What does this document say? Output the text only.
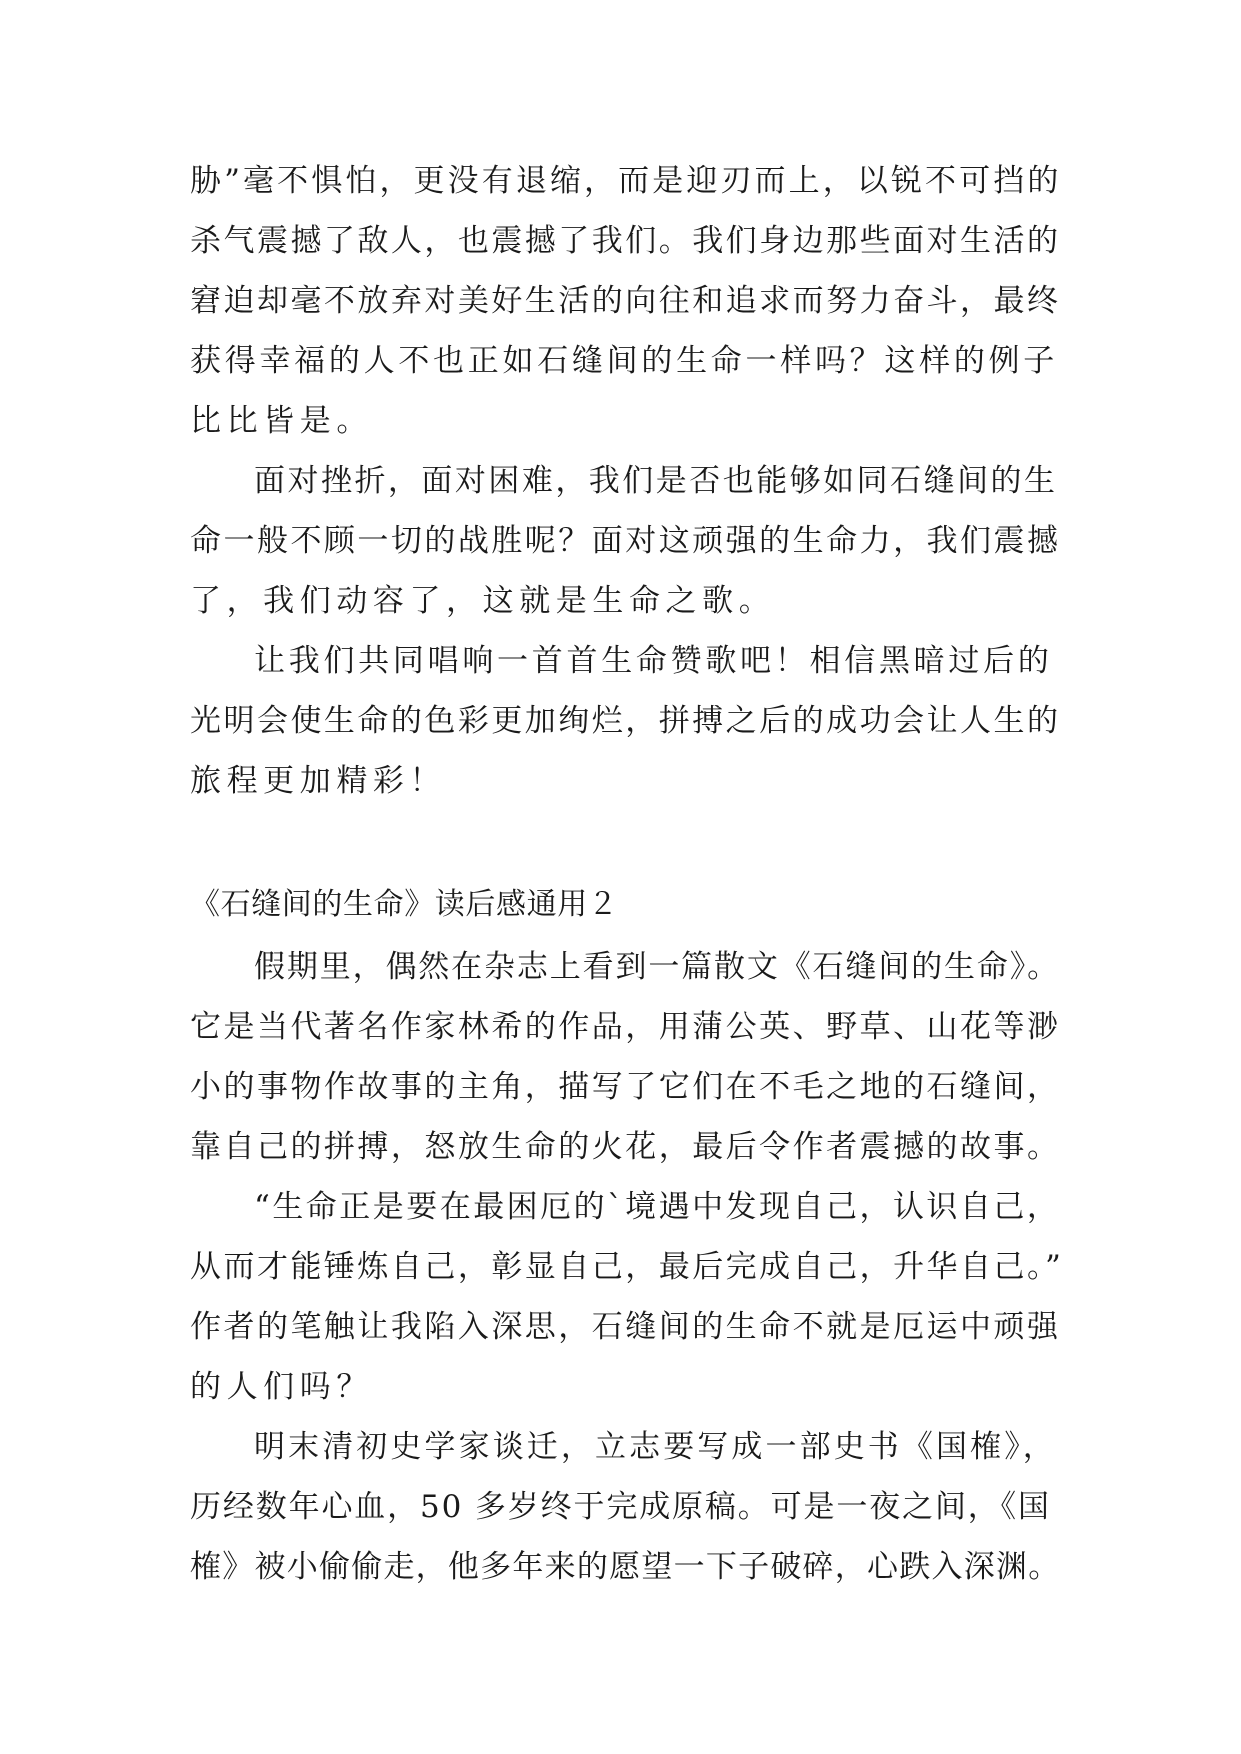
胁”毫不惧怕，更没有退缩，而是迎刃而上，以锐不可挡的
杀气震撼了敌人，也震撼了我们。我们身边那些面对生活的
窘迫却毫不放弃对美好生活的向往和追求而努力奋斗，最终
获得幸福的人不也正如石缝间的生命一样吗？这样的例子
比比皆是。
面对挫折，面对困难，我们是否也能够如同石缝间的生
命一般不顾一切的战胜呢？面对这顽强的生命力，我们震撼
了，我们动容了，这就是生命之歌。
让我们共同唱响一首首生命赞歌吧！相信黑暗过后的
光明会使生命的色彩更加绚烂，拼搏之后的成功会让人生的
旅程更加精彩！
《石缝间的生命》读后感通用２
假期里，偶然在杂志上看到一篇散文《石缝间的生命》。
它是当代著名作家林希的作品，用蒲公英、野草、山花等渺
小的事物作故事的主角，描写了它们在不毛之地的石缝间，
靠自己的拼搏，怒放生命的火花，最后令作者震撼的故事。
“生命正是要在最困厄的`境遇中发现自己，认识自己，
从而才能锤炼自己，彰显自己，最后完成自己，升华自己。”
作者的笔触让我陷入深思，石缝间的生命不就是厄运中顽强
的人们吗？
明末清初史学家谈迁，立志要写成一部史书《国榷》，
历经数年心血，50 多岁终于完成原稿。可是一夜之间，《国
榷》被小偷偷走，他多年来的愿望一下子破碎，心跌入深渊。
